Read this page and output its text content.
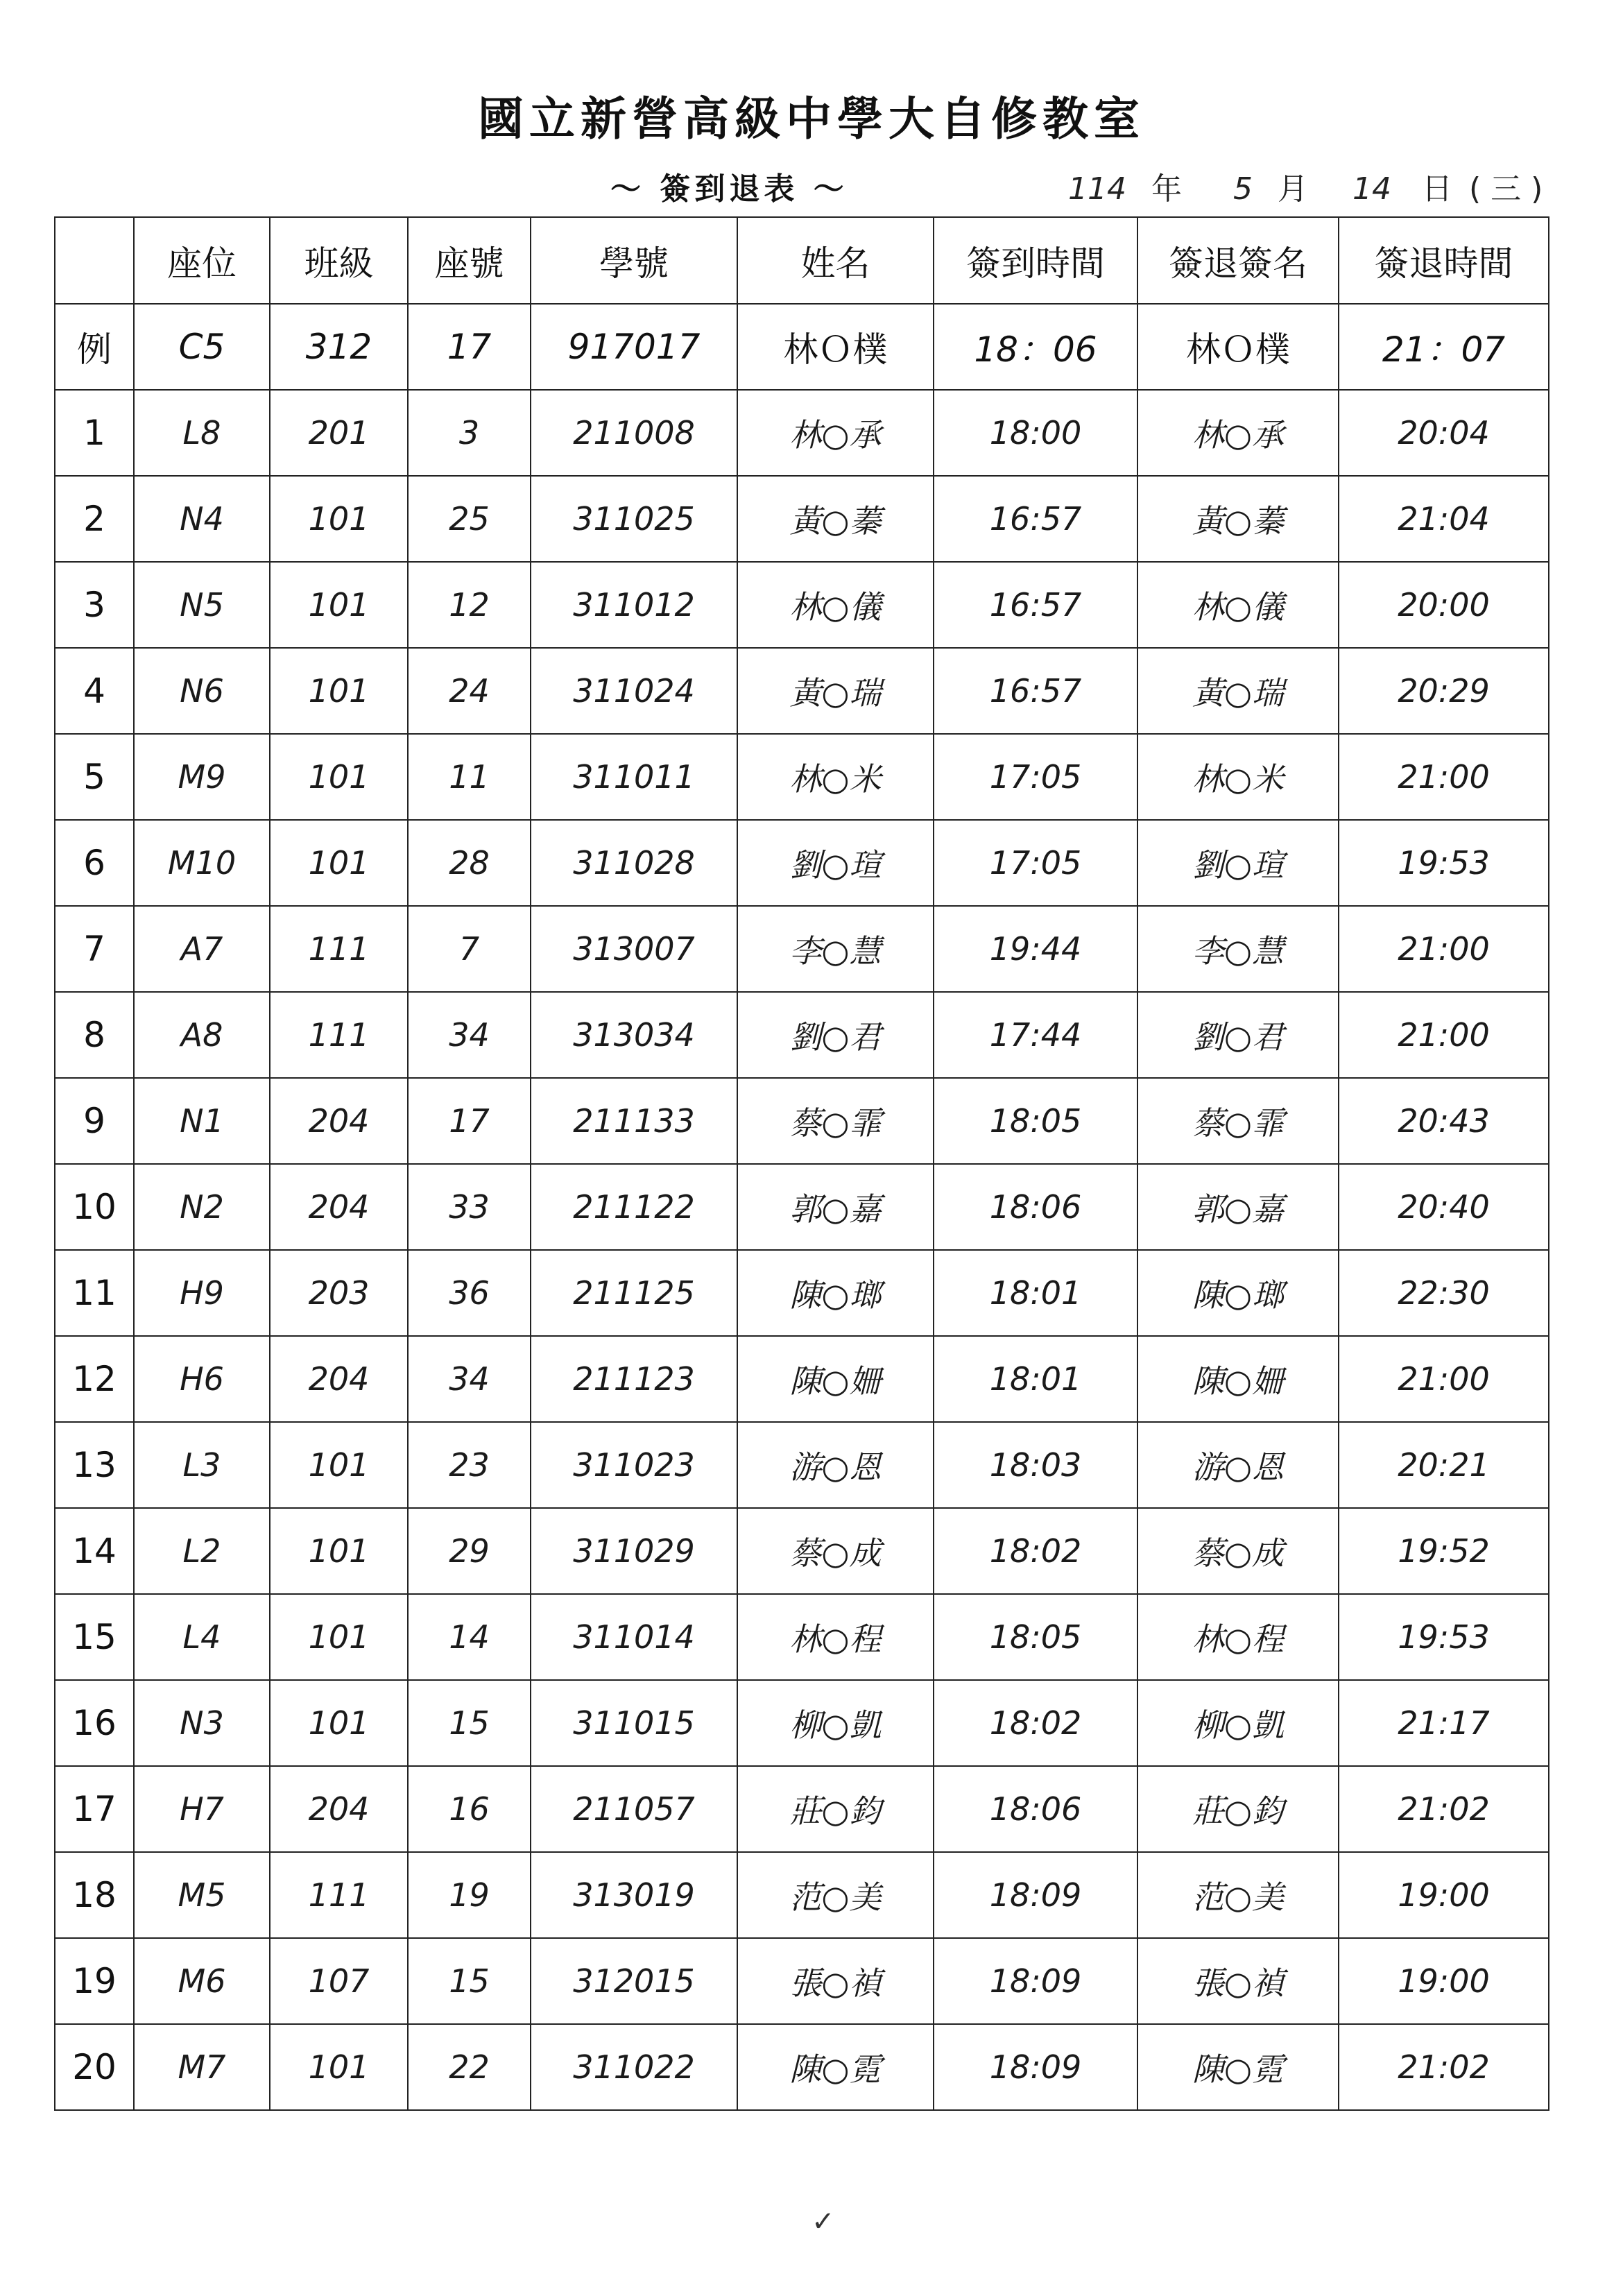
國立新營高級中學大自修教室
～ 簽到退表 ～	114 年 5 月 14 日 ( 三 )
	座位	班級	座號	學號	姓名	簽到時間	簽退簽名	簽退時間
例	C5	312	17	917017	林Ｏ樸	18：06	林Ｏ樸	21：07
1	L8	201	3	211008	林○承	18:00	林○承	20:04
2	N4	101	25	311025	黃○蓁	16:57	黃○蓁	21:04
3	N5	101	12	311012	林○儀	16:57	林○儀	20:00
4	N6	101	24	311024	黃○瑞	16:57	黃○瑞	20:29
5	M9	101	11	311011	林○米	17:05	林○米	21:00
6	M10	101	28	311028	劉○瑄	17:05	劉○瑄	19:53
7	A7	111	7	313007	李○慧	19:44	李○慧	21:00
8	A8	111	34	313034	劉○君	17:44	劉○君	21:00
9	N1	204	17	211133	蔡○霏	18:05	蔡○霏	20:43
10	N2	204	33	211122	郭○嘉	18:06	郭○嘉	20:40
11	H9	203	36	211125	陳○瑯	18:01	陳○瑯	22:30
12	H6	204	34	211123	陳○姍	18:01	陳○姍	21:00
13	L3	101	23	311023	游○恩	18:03	游○恩	20:21
14	L2	101	29	311029	蔡○成	18:02	蔡○成	19:52
15	L4	101	14	311014	林○程	18:05	林○程	19:53
16	N3	101	15	311015	柳○凱	18:02	柳○凱	21:17
17	H7	204	16	211057	莊○鈞	18:06	莊○鈞	21:02
18	M5	111	19	313019	范○美	18:09	范○美	19:00
19	M6	107	15	312015	張○禎	18:09	張○禎	19:00
20	M7	101	22	311022	陳○霓	18:09	陳○霓	21:02
✓
